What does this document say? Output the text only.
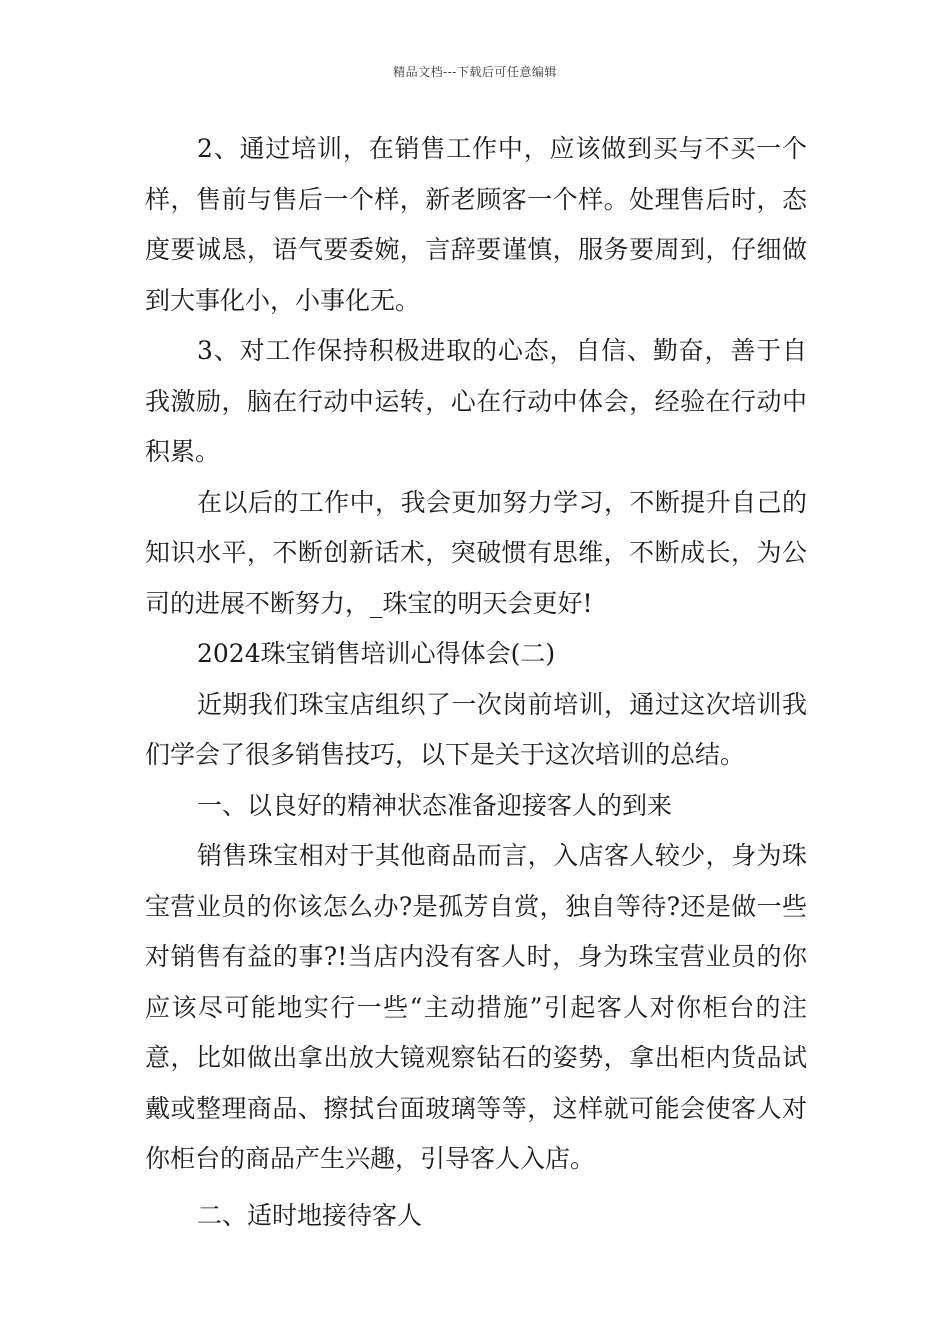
精品文档---下载后可任意编辑

2、通过培训，在销售工作中，应该做到买与不买一个样，售前与售后一个样，新老顾客一个样。处理售后时，态度要诚恳，语气要委婉，言辞要谨慎，服务要周到，仔细做到大事化小，小事化无。

3、对工作保持积极进取的心态，自信、勤奋，善于自我激励，脑在行动中运转，心在行动中体会，经验在行动中积累。

在以后的工作中，我会更加努力学习，不断提升自己的知识水平，不断创新话术，突破惯有思维，不断成长，为公司的进展不断努力，_珠宝的明天会更好!

2024珠宝销售培训心得体会(二)

近期我们珠宝店组织了一次岗前培训，通过这次培训我们学会了很多销售技巧，以下是关于这次培训的总结。

一、以良好的精神状态准备迎接客人的到来

销售珠宝相对于其他商品而言，入店客人较少，身为珠宝营业员的你该怎么办?是孤芳自赏，独自等待?还是做一些对销售有益的事?!当店内没有客人时，身为珠宝营业员的你应该尽可能地实行一些“主动措施”引起客人对你柜台的注意，比如做出拿出放大镜观察钻石的姿势，拿出柜内货品试戴或整理商品、擦拭台面玻璃等等，这样就可能会使客人对你柜台的商品产生兴趣，引导客人入店。

二、适时地接待客人
